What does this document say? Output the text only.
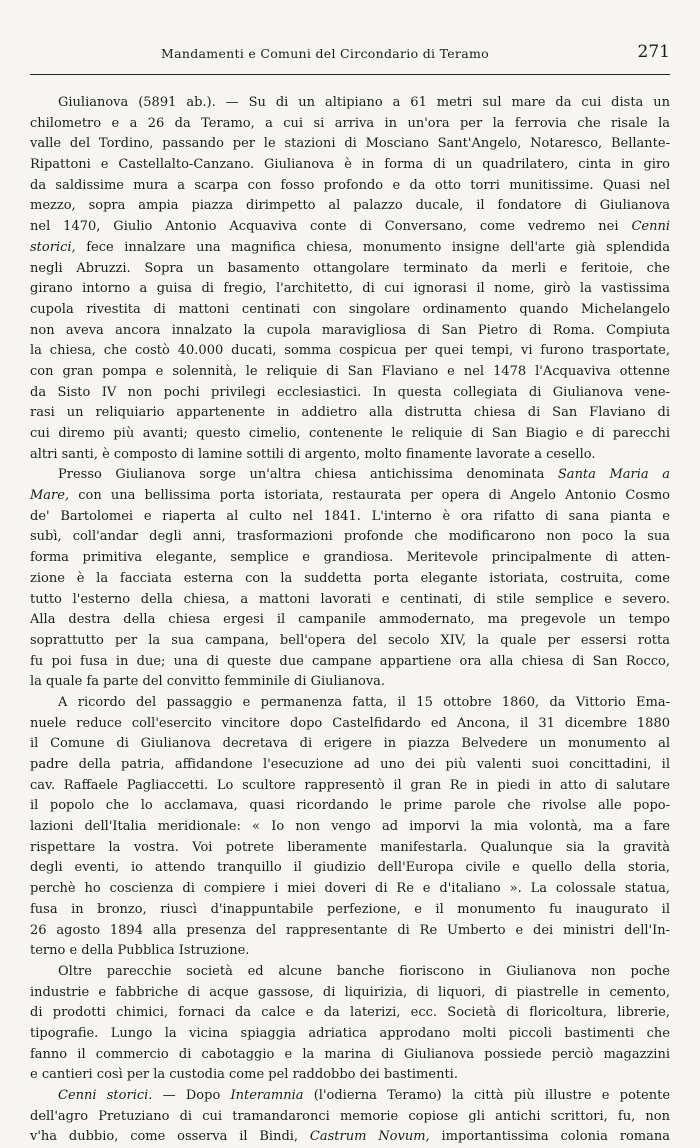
Mandamenti e Comuni del Circondario di Teramo	271
Giulianova (5891 ab.). — Su di un altipiano a 61 metri sul mare da cui dista un
chilometro e a 26 da Teramo, a cui si arriva in un'ora per la ferrovia che risale la
valle del Tordino, passando per le stazioni di Mosciano Sant'Angelo, Notaresco, Bellante-
Ripattoni e Castellalto-Canzano. Giulianova è in forma di un quadrilatero, cinta in giro
da saldissime mura a scarpa con fosso profondo e da otto torri munitissime. Quasi nel
mezzo, sopra ampia piazza dirimpetto al palazzo ducale, il fondatore di Giulianova
nel 1470, Giulio Antonio Acquaviva conte di Conversano, come vedremo nei Cenni
storici, fece innalzare una magnifica chiesa, monumento insigne dell'arte già splendida
negli Abruzzi. Sopra un basamento ottangolare terminato da merli e feritoie, che
girano intorno a guisa di fregio, l'architetto, di cui ignorasi il nome, girò la vastissima
cupola rivestita di mattoni centinati con singolare ordinamento quando Michelangelo
non aveva ancora innalzato la cupola maravigliosa di San Pietro di Roma. Compiuta
la chiesa, che costò 40.000 ducati, somma cospicua per quei tempi, vi furono trasportate,
con gran pompa e solennità, le reliquie di San Flaviano e nel 1478 l'Acquaviva ottenne
da Sisto IV non pochi privilegi ecclesiastici. In questa collegiata di Giulianova vene-
rasi un reliquiario appartenente in addietro alla distrutta chiesa di San Flaviano di
cui diremo più avanti; questo cimelio, contenente le reliquie di San Biagio e di parecchi
altri santi, è composto di lamine sottili di argento, molto finamente lavorate a cesello.
Presso Giulianova sorge un'altra chiesa antichissima denominata Santa Maria a
Mare, con una bellissima porta istoriata, restaurata per opera di Angelo Antonio Cosmo
de' Bartolomei e riaperta al culto nel 1841. L'interno è ora rifatto di sana pianta e
subì, coll'andar degli anni, trasformazioni profonde che modificarono non poco la sua
forma primitiva elegante, semplice e grandiosa. Meritevole principalmente di atten-
zione è la facciata esterna con la suddetta porta elegante istoriata, costruita, come
tutto l'esterno della chiesa, a mattoni lavorati e centinati, di stile semplice e severo.
Alla destra della chiesa ergesi il campanile ammodernato, ma pregevole un tempo
soprattutto per la sua campana, bell'opera del secolo XIV, la quale per essersi rotta
fu poi fusa in due; una di queste due campane appartiene ora alla chiesa di San Rocco,
la quale fa parte del convitto femminile di Giulianova.
A ricordo del passaggio e permanenza fatta, il 15 ottobre 1860, da Vittorio Ema-
nuele reduce coll'esercito vincitore dopo Castelfidardo ed Ancona, il 31 dicembre 1880
il Comune di Giulianova decretava di erigere in piazza Belvedere un monumento al
padre della patria, affidandone l'esecuzione ad uno dei più valenti suoi concittadini, il
cav. Raffaele Pagliaccetti. Lo scultore rappresentò il gran Re in piedi in atto di salutare
il popolo che lo acclamava, quasi ricordando le prime parole che rivolse alle popo-
lazioni dell'Italia meridionale: « Io non vengo ad imporvi la mia volontà, ma a fare
rispettare la vostra. Voi potrete liberamente manifestarla. Qualunque sia la gravità
degli eventi, io attendo tranquillo il giudizio dell'Europa civile e quello della storia,
perchè ho coscienza di compiere i miei doveri di Re e d'italiano ». La colossale statua,
fusa in bronzo, riuscì d'inappuntabile perfezione, e il monumento fu inaugurato il
26 agosto 1894 alla presenza del rappresentante di Re Umberto e dei ministri dell'In-
terno e della Pubblica Istruzione.
Oltre parecchie società ed alcune banche fioriscono in Giulianova non poche
industrie e fabbriche di acque gassose, di liquirizia, di liquori, di piastrelle in cemento,
di prodotti chimici, fornaci da calce e da laterizi, ecc. Società di floricoltura, librerie,
tipografie. Lungo la vicina spiaggia adriatica approdano molti piccoli bastimenti che
fanno il commercio di cabotaggio e la marina di Giulianova possiede perciò magazzini
e cantieri così per la custodia come pel raddobbo dei bastimenti.
Cenni storici. — Dopo Interamnia (l'odierna Teramo) la città più illustre e potente
dell'agro Pretuziano di cui tramandaronci memorie copiose gli antichi scrittori, fu, non
v'ha dubbio, come osserva il Bindi, Castrum Novum, importantissima colonia romana
